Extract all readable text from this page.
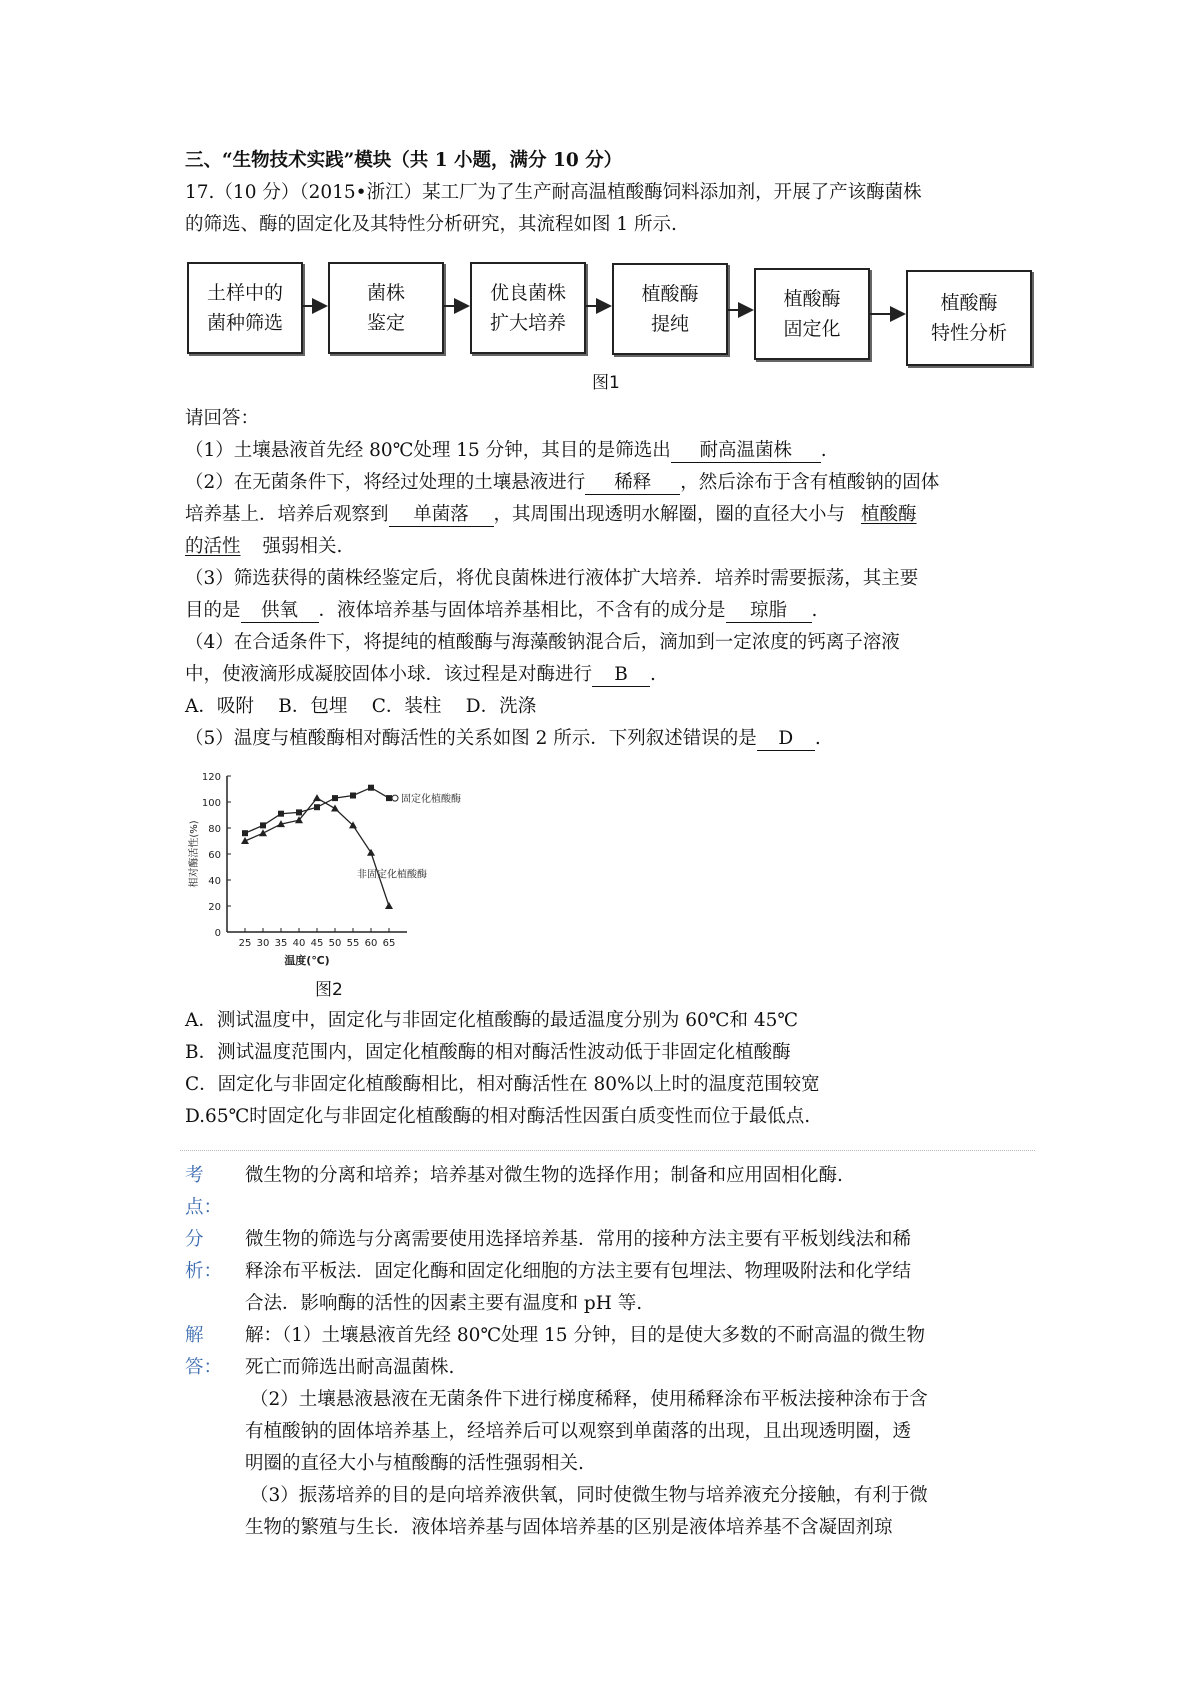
三、“生物技术实践”模块（共 1 小题，满分 10 分）
17.（10 分）（2015•浙江）某工厂为了生产耐高温植酸酶饲料添加剂，开展了产该酶菌株
的筛选、酶的固定化及其特性分析研究，其流程如图 1 所示.
土样中的
菌种筛选
菌株
鉴定
优良菌株
扩大培养
植酸酶
提纯
植酸酶
固定化
植酸酶
特性分析
图1
请回答：
（1）土壤悬液首先经 80℃处理 15 分钟，其目的是筛选出 耐高温菌株 .
（2）在无菌条件下，将经过处理的土壤悬液进行 稀释 ，然后涂布于含有植酸钠的固体
培养基上．培养后观察到 单菌落 ，其周围出现透明水解圈，圈的直径大小与 植酸酶
的活性 强弱相关.
（3）筛选获得的菌株经鉴定后，将优良菌株进行液体扩大培养．培养时需要振荡，其主要
目的是 供氧 ．液体培养基与固体培养基相比，不含有的成分是 琼脂 .
（4）在合适条件下，将提纯的植酸酶与海藻酸钠混合后，滴加到一定浓度的钙离子溶液
中，使液滴形成凝胶固体小球．该过程是对酶进行 B .
A．吸附　 B．包埋　 C．装柱　 D．洗涤
（5）温度与植酸酶相对酶活性的关系如图 2 所示．下列叙述错误的是 D .
0
20
40
60
80
100
120
25 30 35 40 45 50 55 60 65
相对酶活性(%)
温度(℃)
固定化植酸酶
非固定化植酸酶
图2
A．测试温度中，固定化与非固定化植酸酶的最适温度分别为 60℃和 45℃
B．测试温度范围内，固定化植酸酶的相对酶活性波动低于非固定化植酸酶
C．固定化与非固定化植酸酶相比，相对酶活性在 80%以上时的温度范围较宽
D.65℃时固定化与非固定化植酸酶的相对酶活性因蛋白质变性而位于最低点.
考点：
微生物的分离和培养；培养基对微生物的选择作用；制备和应用固相化酶.
分析：
微生物的筛选与分离需要使用选择培养基．常用的接种方法主要有平板划线法和稀
释涂布平板法．固定化酶和固定化细胞的方法主要有包埋法、物理吸附法和化学结
合法．影响酶的活性的因素主要有温度和 pH 等.
解答：
解：（1）土壤悬液首先经 80℃处理 15 分钟，目的是使大多数的不耐高温的微生物
死亡而筛选出耐高温菌株.
（2）土壤悬液悬液在无菌条件下进行梯度稀释，使用稀释涂布平板法接种涂布于含
有植酸钠的固体培养基上，经培养后可以观察到单菌落的出现，且出现透明圈，透
明圈的直径大小与植酸酶的活性强弱相关.
（3）振荡培养的目的是向培养液供氧，同时使微生物与培养液充分接触，有利于微
生物的繁殖与生长．液体培养基与固体培养基的区别是液体培养基不含凝固剂琼
